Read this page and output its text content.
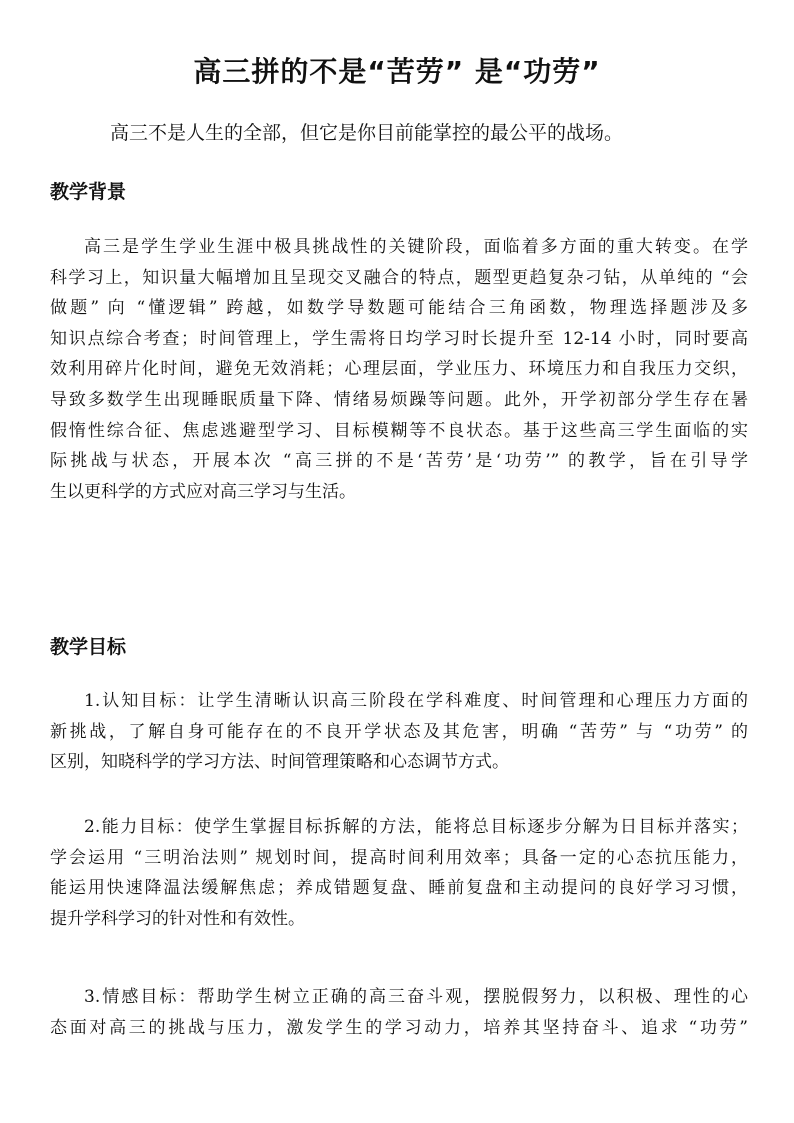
高三拼的不是“苦劳” 是“功劳”

高三不是人生的全部，但它是你目前能掌控的最公平的战场。

教学背景
高三是学生学业生涯中极具挑战性的关键阶段，面临着多方面的重大转变。在学
科学习上，知识量大幅增加且呈现交叉融合的特点，题型更趋复杂刁钻，从单纯的 “会
做题” 向 “懂逻辑” 跨越，如数学导数题可能结合三角函数，物理选择题涉及多
知识点综合考查；时间管理上，学生需将日均学习时长提升至 12-14 小时，同时要高
效利用碎片化时间，避免无效消耗；心理层面，学业压力、环境压力和自我压力交织，
导致多数学生出现睡眠质量下降、情绪易烦躁等问题。此外，开学初部分学生存在暑
假惰性综合征、焦虑逃避型学习、目标模糊等不良状态。基于这些高三学生面临的实
际挑战与状态，开展本次 “高三拼的不是‘苦劳’是‘功劳’” 的教学，旨在引导学
生以更科学的方式应对高三学习与生活。
教学目标
1.认知目标：让学生清晰认识高三阶段在学科难度、时间管理和心理压力方面的
新挑战，了解自身可能存在的不良开学状态及其危害，明确 “苦劳” 与 “功劳” 的
区别，知晓科学的学习方法、时间管理策略和心态调节方式。
2.能力目标：使学生掌握目标拆解的方法，能将总目标逐步分解为日目标并落实；
学会运用 “三明治法则” 规划时间，提高时间利用效率；具备一定的心态抗压能力，
能运用快速降温法缓解焦虑；养成错题复盘、睡前复盘和主动提问的良好学习习惯，
提升学科学习的针对性和有效性。
3.情感目标：帮助学生树立正确的高三奋斗观，摆脱假努力，以积极、理性的心
态面对高三的挑战与压力，激发学生的学习动力，培养其坚持奋斗、追求 “功劳”
